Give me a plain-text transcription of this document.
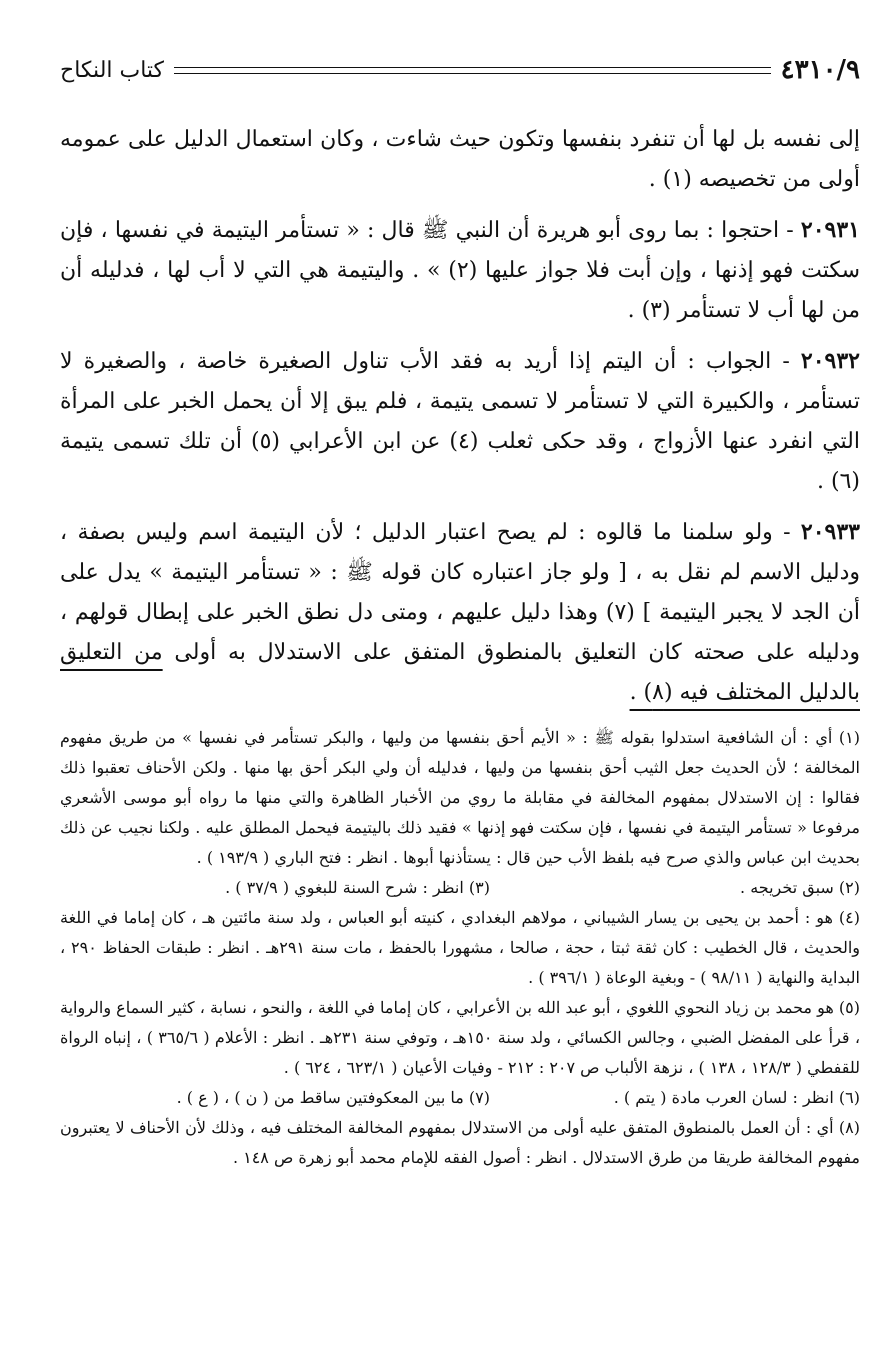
٤٣١٠/٩
كتاب النكاح

إلى نفسه بل لها أن تنفرد بنفسها وتكون حيث شاءت ، وكان استعمال الدليل على عمومه أولى من تخصيصه (١) .

٢٠٩٣١ - احتجوا : بما روى أبو هريرة أن النبي ﷺ قال : « تستأمر اليتيمة في نفسها ، فإن سكتت فهو إذنها ، وإن أبت فلا جواز عليها (٢) » . واليتيمة هي التي لا أب لها ، فدليله أن من لها أب لا تستأمر (٣) .

٢٠٩٣٢ - الجواب : أن اليتم إذا أريد به فقد الأب تناول الصغيرة خاصة ، والصغيرة لا تستأمر ، والكبيرة التي لا تستأمر لا تسمى يتيمة ، فلم يبق إلا أن يحمل الخبر على المرأة التي انفرد عنها الأزواج ، وقد حكى ثعلب (٤) عن ابن الأعرابي (٥) أن تلك تسمى يتيمة (٦) .

٢٠٩٣٣ - ولو سلمنا ما قالوه : لم يصح اعتبار الدليل ؛ لأن اليتيمة اسم وليس بصفة ، ودليل الاسم لم نقل به ، [ ولو جاز اعتباره كان قوله ﷺ : « تستأمر اليتيمة » يدل على أن الجد لا يجبر اليتيمة ] (٧) وهذا دليل عليهم ، ومتى دل نطق الخبر على إبطال قولهم ، ودليله على صحته كان التعليق بالمنطوق المتفق على الاستدلال به أولى من التعليق بالدليل المختلف فيه (٨) .

(١) أي : أن الشافعية استدلوا بقوله ﷺ : « الأيم أحق بنفسها من وليها ، والبكر تستأمر في نفسها » من طريق مفهوم المخالفة ؛ لأن الحديث جعل الثيب أحق بنفسها من وليها ، فدليله أن ولي البكر أحق بها منها . ولكن الأحناف تعقبوا ذلك فقالوا : إن الاستدلال بمفهوم المخالفة في مقابلة ما روي من الأخبار الظاهرة والتي منها ما رواه أبو موسى الأشعري مرفوعا « تستأمر اليتيمة في نفسها ، فإن سكتت فهو إذنها » فقيد ذلك باليتيمة فيحمل المطلق عليه . ولكنا نجيب عن ذلك بحديث ابن عباس والذي صرح فيه بلفظ الأب حين قال : يستأذنها أبوها . انظر : فتح الباري ( ١٩٣/٩ ) .

(٢) سبق تخريجه .
(٣) انظر : شرح السنة للبغوي ( ٣٧/٩ ) .

(٤) هو : أحمد بن يحيى بن يسار الشيباني ، مولاهم البغدادي ، كنيته أبو العباس ، ولد سنة مائتين هـ ، كان إماما في اللغة والحديث ، قال الخطيب : كان ثقة ثبتا ، حجة ، صالحا ، مشهورا بالحفظ ، مات سنة ٢٩١هـ . انظر : طبقات الحفاظ ٢٩٠ ، البداية والنهاية ( ٩٨/١١ ) - وبغية الوعاة ( ٣٩٦/١ ) .

(٥) هو محمد بن زياد النحوي اللغوي ، أبو عبد الله بن الأعرابي ، كان إماما في اللغة ، والنحو ، نسابة ، كثير السماع والرواية ، قرأ على المفضل الضبي ، وجالس الكسائي ، ولد سنة ١٥٠هـ ، وتوفي سنة ٢٣١هـ . انظر : الأعلام ( ٣٦٥/٦ ) ، إنباه الرواة للقفطي ( ١٢٨/٣ ، ١٣٨ ) ، نزهة الألباب ص ٢٠٧ : ٢١٢ - وفيات الأعيان ( ٦٢٣/١ ، ٦٢٤ ) .

(٦) انظر : لسان العرب مادة ( يتم ) .
(٧) ما بين المعكوفتين ساقط من ( ن ) ، ( ع ) .

(٨) أي : أن العمل بالمنطوق المتفق عليه أولى من الاستدلال بمفهوم المخالفة المختلف فيه ، وذلك لأن الأحناف لا يعتبرون مفهوم المخالفة طريقا من طرق الاستدلال . انظر : أصول الفقه للإمام محمد أبو زهرة ص ١٤٨ .
